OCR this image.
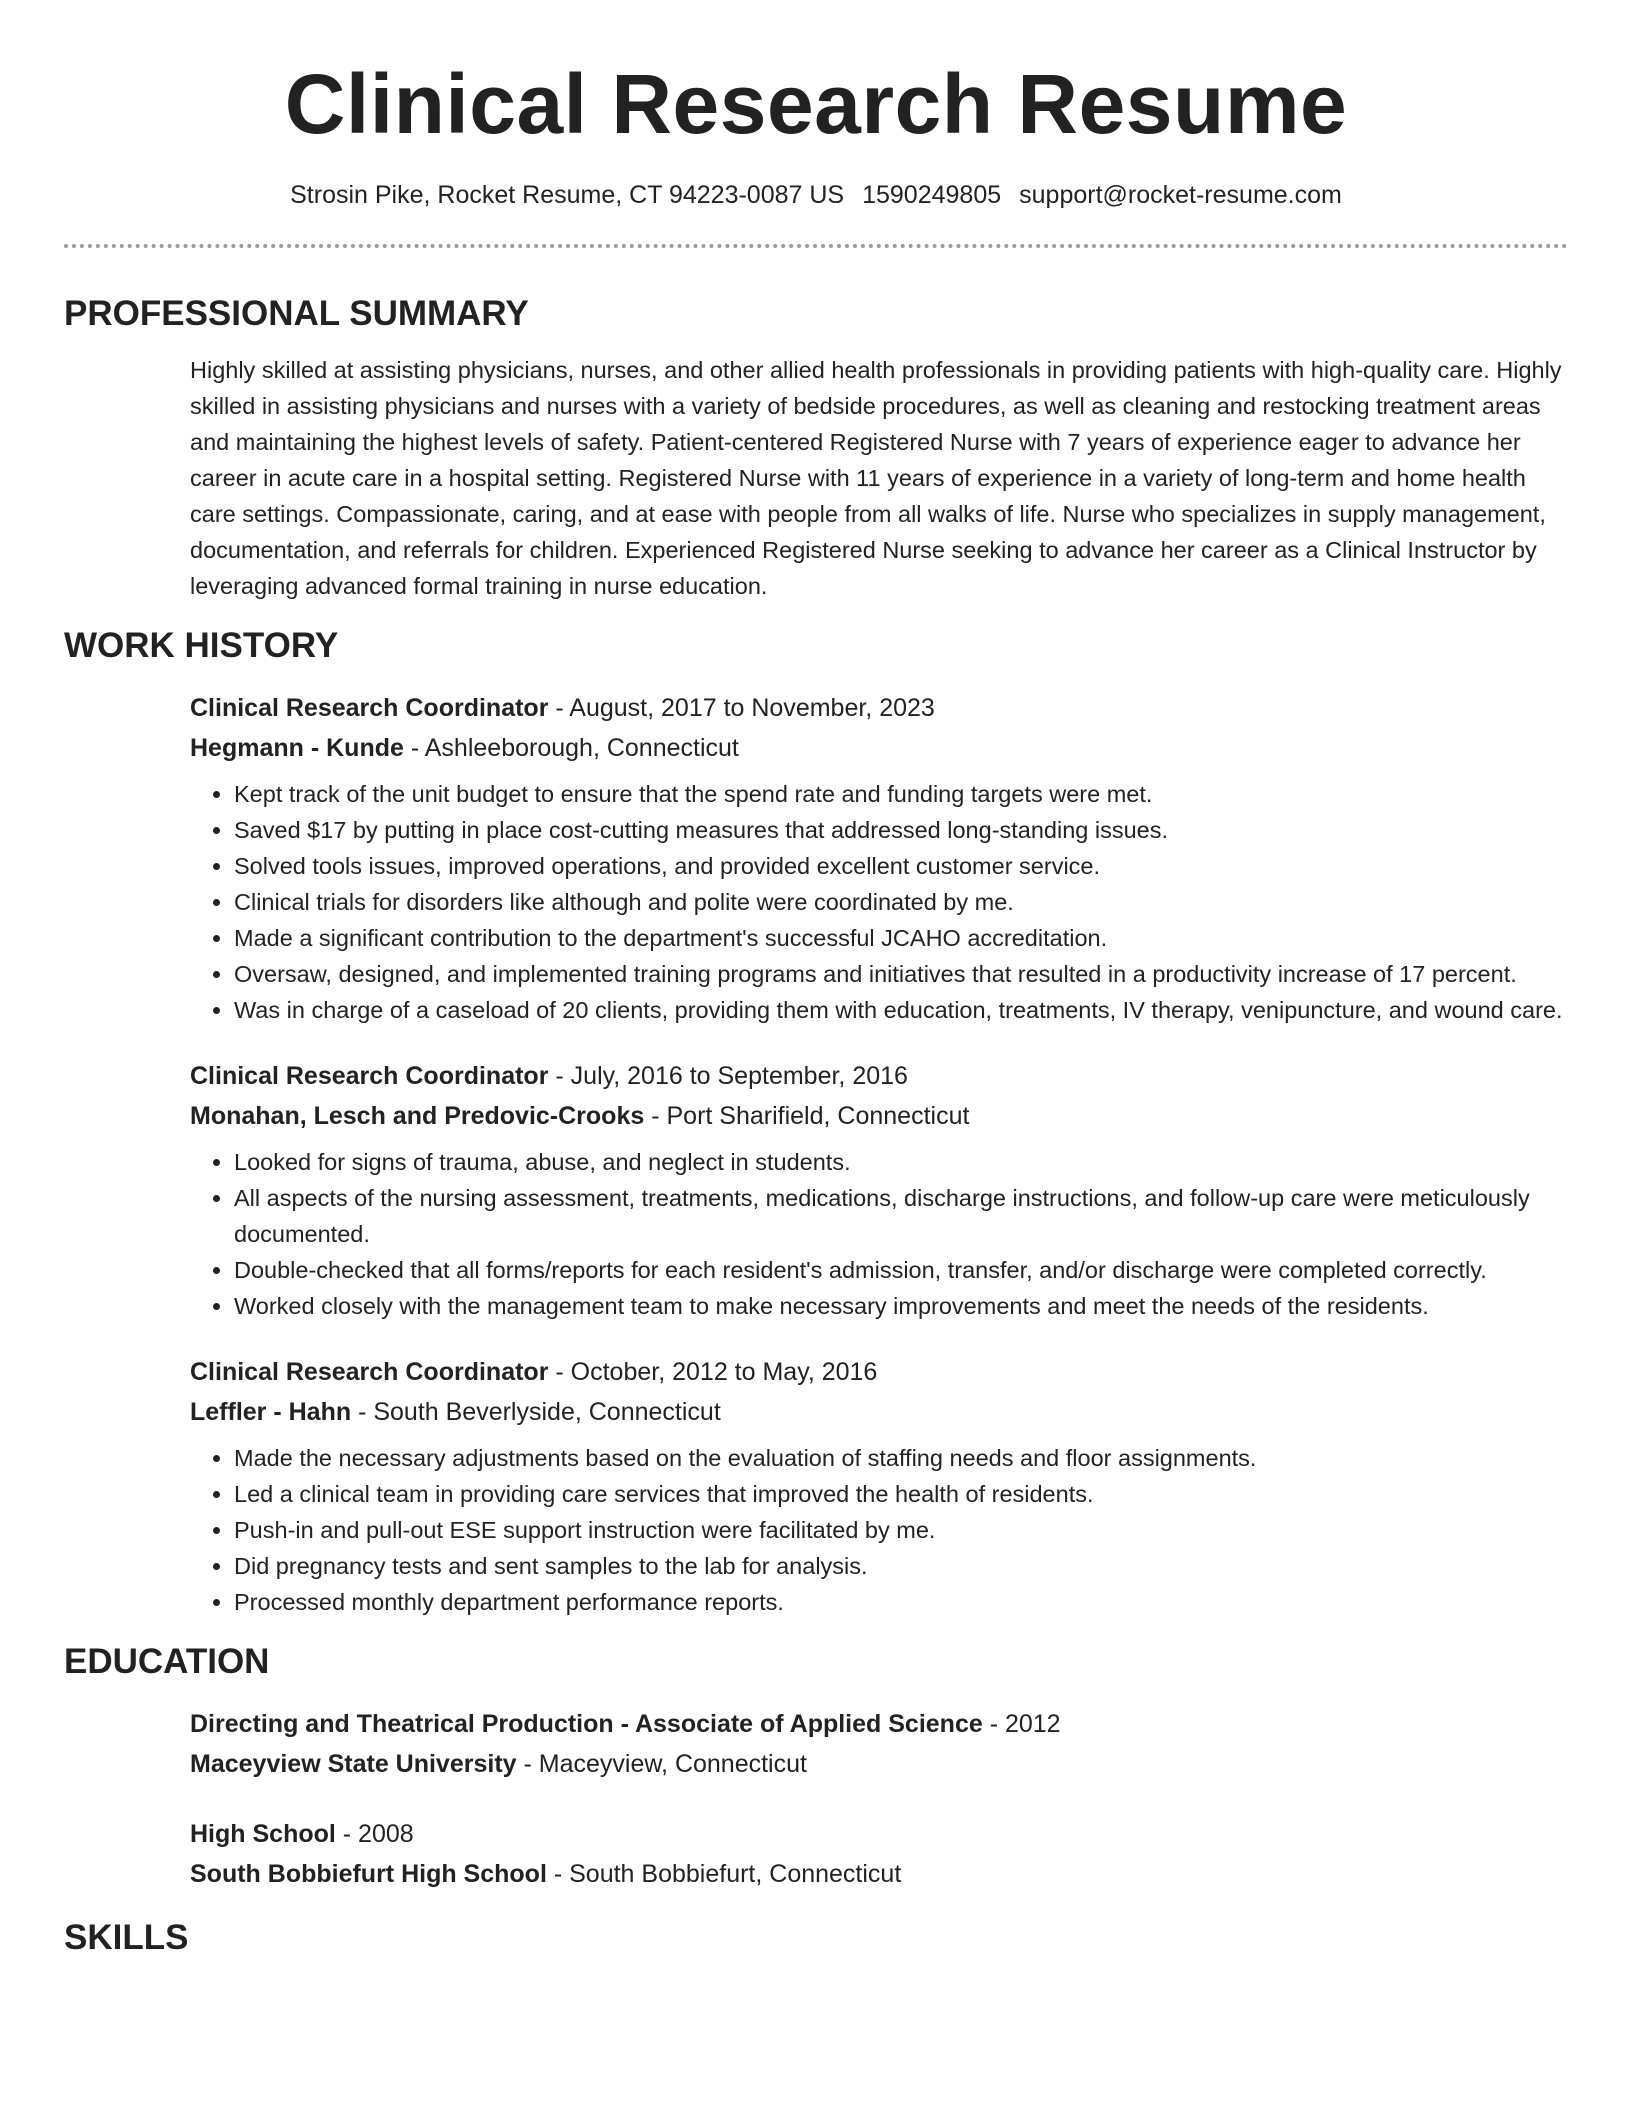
Clinical Research Resume
Strosin Pike, Rocket Resume, CT 94223-0087 US 1590249805 support@rocket-resume.com
PROFESSIONAL SUMMARY

Highly skilled at assisting physicians, nurses, and other allied health professionals in providing patients with high-quality care. Highly skilled in assisting physicians and nurses with a variety of bedside procedures, as well as cleaning and restocking treatment areas and maintaining the highest levels of safety. Patient-centered Registered Nurse with 7 years of experience eager to advance her career in acute care in a hospital setting. Registered Nurse with 11 years of experience in a variety of long-term and home health care settings. Compassionate, caring, and at ease with people from all walks of life. Nurse who specializes in supply management, documentation, and referrals for children. Experienced Registered Nurse seeking to advance her career as a Clinical Instructor by leveraging advanced formal training in nurse education.

WORK HISTORY
Clinical Research Coordinator - August, 2017 to November, 2023
Hegmann - Kunde - Ashleeborough, Connecticut
• Kept track of the unit budget to ensure that the spend rate and funding targets were met.
• Saved $17 by putting in place cost-cutting measures that addressed long-standing issues.
• Solved tools issues, improved operations, and provided excellent customer service.
• Clinical trials for disorders like although and polite were coordinated by me.
• Made a significant contribution to the department's successful JCAHO accreditation.
• Oversaw, designed, and implemented training programs and initiatives that resulted in a productivity increase of 17 percent.
• Was in charge of a caseload of 20 clients, providing them with education, treatments, IV therapy, venipuncture, and wound care.
Clinical Research Coordinator - July, 2016 to September, 2016
Monahan, Lesch and Predovic-Crooks - Port Sharifield, Connecticut
• Looked for signs of trauma, abuse, and neglect in students.
• All aspects of the nursing assessment, treatments, medications, discharge instructions, and follow-up care were meticulously documented.
• Double-checked that all forms/reports for each resident's admission, transfer, and/or discharge were completed correctly.
• Worked closely with the management team to make necessary improvements and meet the needs of the residents.
Clinical Research Coordinator - October, 2012 to May, 2016
Leffler - Hahn - South Beverlyside, Connecticut
• Made the necessary adjustments based on the evaluation of staffing needs and floor assignments.
• Led a clinical team in providing care services that improved the health of residents.
• Push-in and pull-out ESE support instruction were facilitated by me.
• Did pregnancy tests and sent samples to the lab for analysis.
• Processed monthly department performance reports.
EDUCATION
Directing and Theatrical Production - Associate of Applied Science - 2012
Maceyview State University - Maceyview, Connecticut
High School - 2008
South Bobbiefurt High School - South Bobbiefurt, Connecticut
SKILLS
